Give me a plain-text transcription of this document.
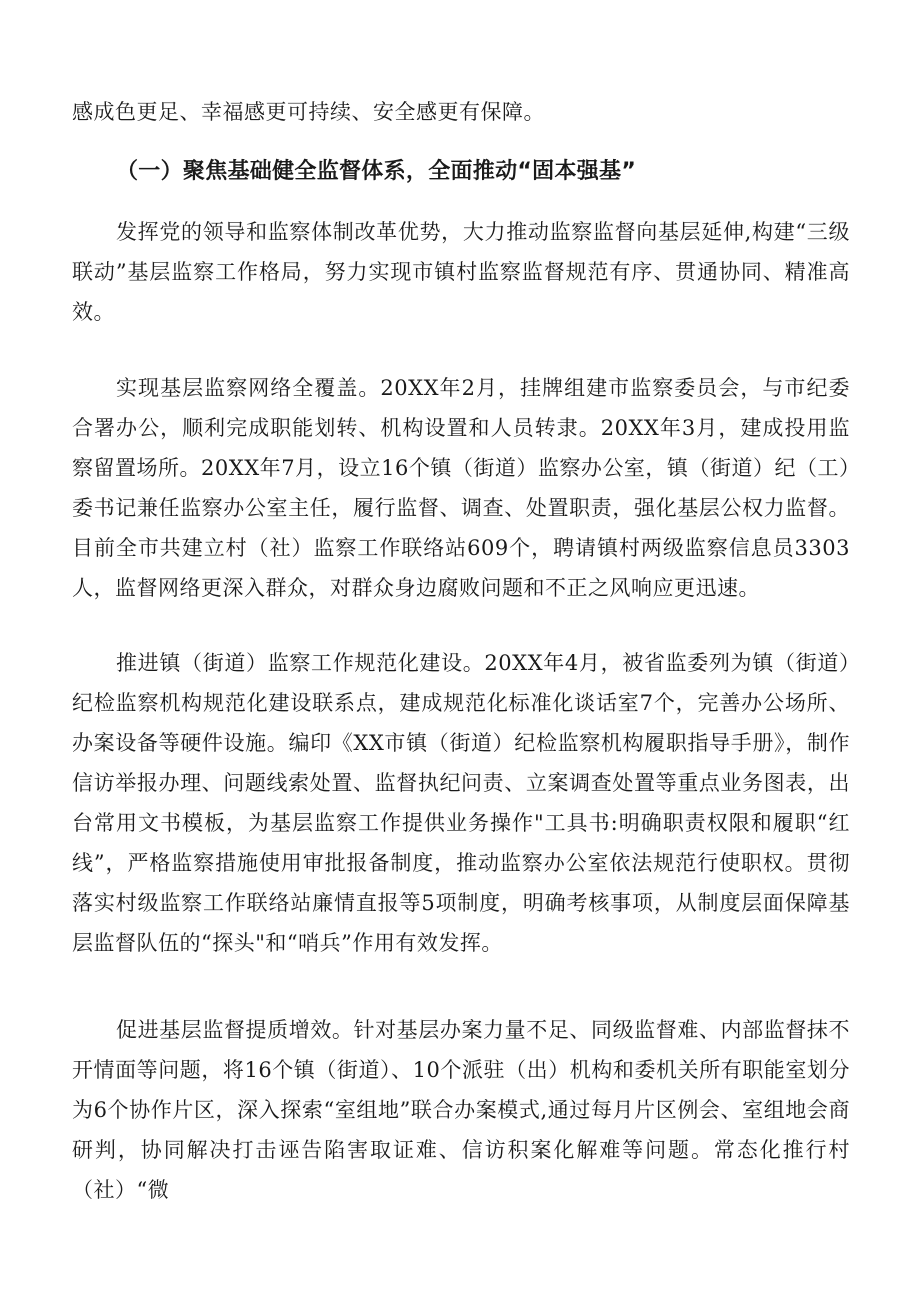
感成色更足、幸福感更可持续、安全感更有保障。

（一）聚焦基础健全监督体系，全面推动“固本强基”

发挥党的领导和监察体制改革优势，大力推动监察监督向基层延伸,构建“三级联动”基层监察工作格局，努力实现市镇村监察监督规范有序、贯通协同、精准高效。

实现基层监察网络全覆盖。20XX年2月，挂牌组建市监察委员会，与市纪委合署办公，顺利完成职能划转、机构设置和人员转隶。20XX年3月，建成投用监察留置场所。20XX年7月，设立16个镇（街道）监察办公室，镇（街道）纪（工）委书记兼任监察办公室主任，履行监督、调查、处置职责，强化基层公权力监督。目前全市共建立村（社）监察工作联络站609个，聘请镇村两级监察信息员3303人，监督网络更深入群众，对群众身边腐败问题和不正之风响应更迅速。

推进镇（街道）监察工作规范化建设。20XX年4月，被省监委列为镇（街道）纪检监察机构规范化建设联系点，建成规范化标准化谈话室7个，完善办公场所、办案设备等硬件设施。编印《XX市镇（街道）纪检监察机构履职指导手册》，制作信访举报办理、问题线索处置、监督执纪问责、立案调查处置等重点业务图表，出台常用文书模板，为基层监察工作提供业务操作"工具书:明确职责权限和履职“红线”，严格监察措施使用审批报备制度，推动监察办公室依法规范行使职权。贯彻落实村级监察工作联络站廉情直报等5项制度，明确考核事项，从制度层面保障基层监督队伍的“探头"和“哨兵”作用有效发挥。

促进基层监督提质增效。针对基层办案力量不足、同级监督难、内部监督抹不开情面等问题，将16个镇（街道）、10个派驻（出）机构和委机关所有职能室划分为6个协作片区，深入探索“室组地”联合办案模式,通过每月片区例会、室组地会商研判，协同解决打击诬告陷害取证难、信访积案化解难等问题。常态化推行村（社）“微
